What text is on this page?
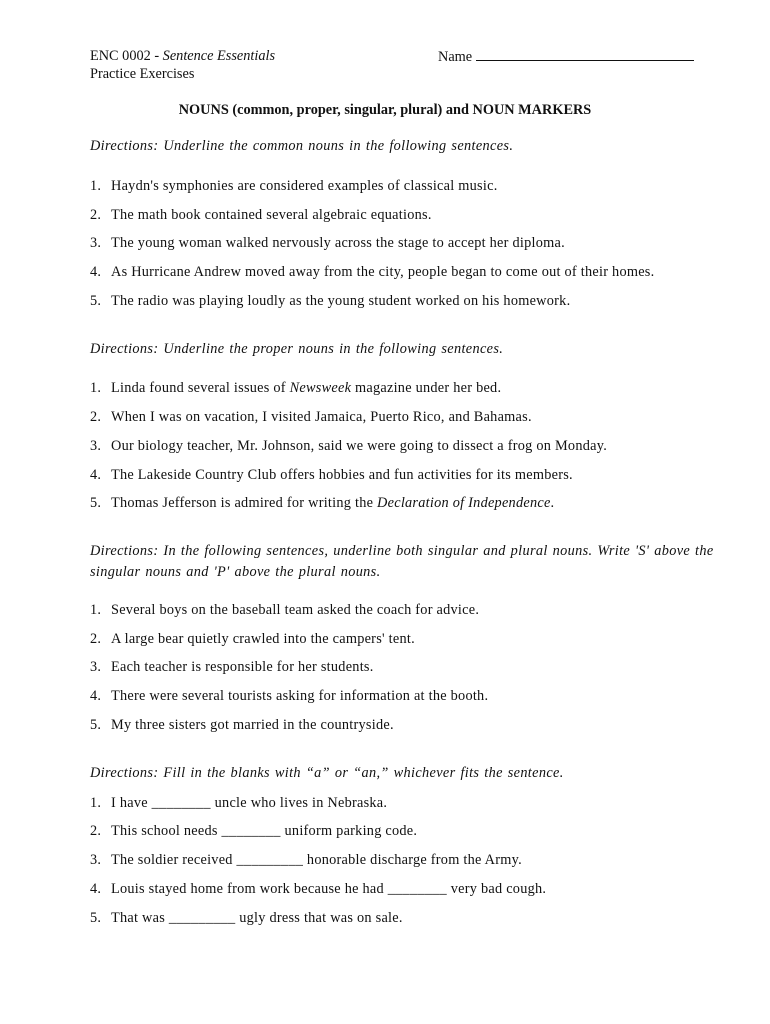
ENC 0002 - Sentence Essentials
Practice Exercises
Name
NOUNS (common, proper, singular, plural) and NOUN MARKERS
Directions: Underline the common nouns in the following sentences.
1. Haydn's symphonies are considered examples of classical music.
2. The math book contained several algebraic equations.
3. The young woman walked nervously across the stage to accept her diploma.
4. As Hurricane Andrew moved away from the city, people began to come out of their homes.
5. The radio was playing loudly as the young student worked on his homework.
Directions: Underline the proper nouns in the following sentences.
1. Linda found several issues of Newsweek magazine under her bed.
2. When I was on vacation, I visited Jamaica, Puerto Rico, and Bahamas.
3. Our biology teacher, Mr. Johnson, said we were going to dissect a frog on Monday.
4. The Lakeside Country Club offers hobbies and fun activities for its members.
5. Thomas Jefferson is admired for writing the Declaration of Independence.
Directions: In the following sentences, underline both singular and plural nouns. Write 'S' above the singular nouns and 'P' above the plural nouns.
1. Several boys on the baseball team asked the coach for advice.
2. A large bear quietly crawled into the campers' tent.
3. Each teacher is responsible for her students.
4. There were several tourists asking for information at the booth.
5. My three sisters got married in the countryside.
Directions: Fill in the blanks with “a” or “an,” whichever fits the sentence.
1. I have ________ uncle who lives in Nebraska.
2. This school needs ________ uniform parking code.
3. The soldier received _________ honorable discharge from the Army.
4. Louis stayed home from work because he had ________ very bad cough.
5. That was _________ ugly dress that was on sale.
